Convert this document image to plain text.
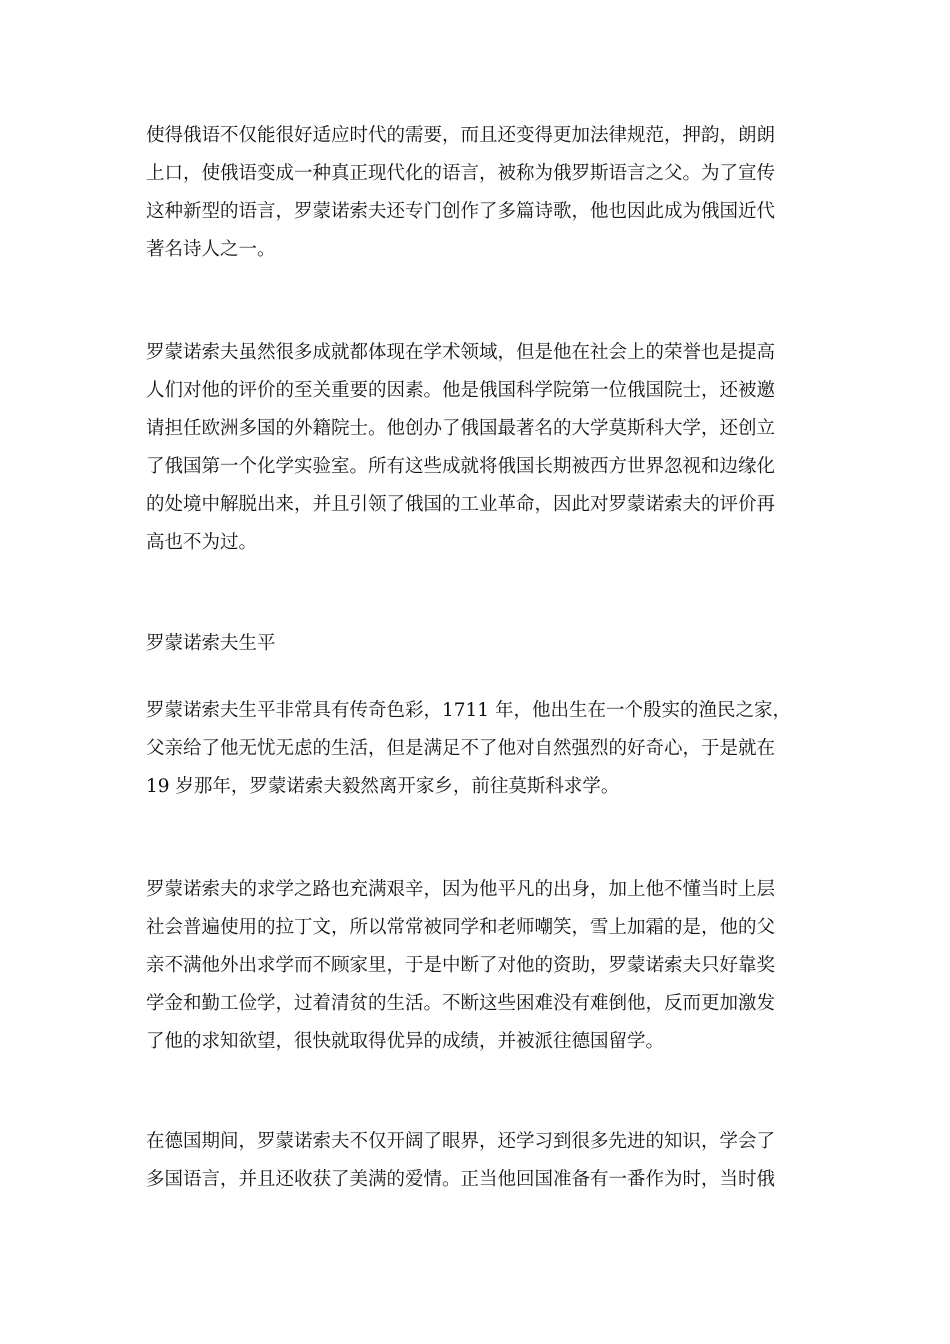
使得俄语不仅能很好适应时代的需要，而且还变得更加法律规范，押韵，朗朗
上口，使俄语变成一种真正现代化的语言，被称为俄罗斯语言之父。为了宣传
这种新型的语言，罗蒙诺索夫还专门创作了多篇诗歌，他也因此成为俄国近代
著名诗人之一。
罗蒙诺索夫虽然很多成就都体现在学术领域，但是他在社会上的荣誉也是提高
人们对他的评价的至关重要的因素。他是俄国科学院第一位俄国院士，还被邀
请担任欧洲多国的外籍院士。他创办了俄国最著名的大学莫斯科大学，还创立
了俄国第一个化学实验室。所有这些成就将俄国长期被西方世界忽视和边缘化
的处境中解脱出来，并且引领了俄国的工业革命，因此对罗蒙诺索夫的评价再
高也不为过。
罗蒙诺索夫生平
罗蒙诺索夫生平非常具有传奇色彩，1711 年，他出生在一个殷实的渔民之家，
父亲给了他无忧无虑的生活，但是满足不了他对自然强烈的好奇心，于是就在
19 岁那年，罗蒙诺索夫毅然离开家乡，前往莫斯科求学。
罗蒙诺索夫的求学之路也充满艰辛，因为他平凡的出身，加上他不懂当时上层
社会普遍使用的拉丁文，所以常常被同学和老师嘲笑，雪上加霜的是，他的父
亲不满他外出求学而不顾家里，于是中断了对他的资助，罗蒙诺索夫只好靠奖
学金和勤工俭学，过着清贫的生活。不断这些困难没有难倒他，反而更加激发
了他的求知欲望，很快就取得优异的成绩，并被派往德国留学。
在德国期间，罗蒙诺索夫不仅开阔了眼界，还学习到很多先进的知识，学会了
多国语言，并且还收获了美满的爱情。正当他回国准备有一番作为时，当时俄
